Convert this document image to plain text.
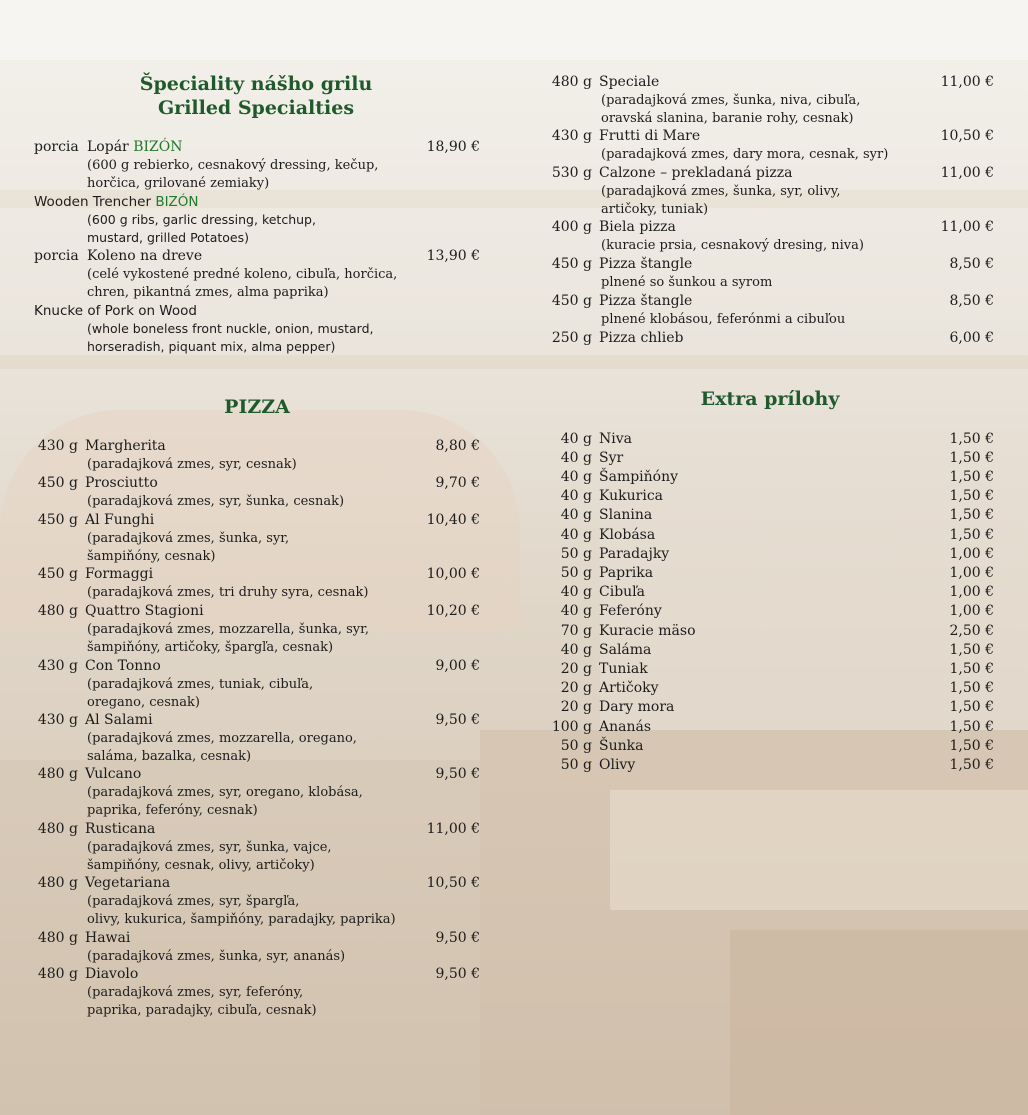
Špeciality nášho grilu
Grilled Specialties
porcia Lopár BIZÓN	18,90 €
(600 g rebierko, cesnakový dressing, kečup,
horčica, grilované zemiaky)
Wooden Trencher BIZÓN
(600 g ribs, garlic dressing, ketchup,
mustard, grilled Potatoes)
porcia Koleno na dreve	13,90 €
(celé vykostené predné koleno, cibuľa, horčica,
chren, pikantná zmes, alma paprika)
Knucke of Pork on Wood
(whole boneless front nuckle, onion, mustard,
horseradish, piquant mix, alma pepper)
PIZZA
430 g Margherita	8,80 €
(paradajková zmes, syr, cesnak)
450 g Prosciutto	9,70 €
(paradajková zmes, syr, šunka, cesnak)
450 g Al Funghi	10,40 €
(paradajková zmes, šunka, syr,
šampiňóny, cesnak)
450 g Formaggi	10,00 €
(paradajková zmes, tri druhy syra, cesnak)
480 g Quattro Stagioni	10,20 €
(paradajková zmes, mozzarella, šunka, syr,
šampiňóny, artičoky, špargľa, cesnak)
430 g Con Tonno	9,00 €
(paradajková zmes, tuniak, cibuľa,
oregano, cesnak)
430 g Al Salami	9,50 €
(paradajková zmes, mozzarella, oregano,
saláma, bazalka, cesnak)
480 g Vulcano	9,50 €
(paradajková zmes, syr, oregano, klobása,
paprika, feferóny, cesnak)
480 g Rusticana	11,00 €
(paradajková zmes, syr, šunka, vajce,
šampiňóny, cesnak, olivy, artičoky)
480 g Vegetariana	10,50 €
(paradajková zmes, syr, špargľa,
olivy, kukurica, šampiňóny, paradajky, paprika)
480 g Hawai	9,50 €
(paradajková zmes, šunka, syr, ananás)
480 g Diavolo	9,50 €
(paradajková zmes, syr, feferóny,
paprika, paradajky, cibuľa, cesnak)
480 g Speciale	11,00 €
(paradajková zmes, šunka, niva, cibuľa,
oravská slanina, baranie rohy, cesnak)
430 g Frutti di Mare	10,50 €
(paradajková zmes, dary mora, cesnak, syr)
530 g Calzone – prekladaná pizza	11,00 €
(paradajková zmes, šunka, syr, olivy,
artičoky, tuniak)
400 g Biela pizza	11,00 €
(kuracie prsia, cesnakový dresing, niva)
450 g Pizza štangle	8,50 €
plnené so šunkou a syrom
450 g Pizza štangle	8,50 €
plnené klobásou, feferónmi a cibuľou
250 g Pizza chlieb	6,00 €
Extra prílohy
40 g Niva	1,50 €
40 g Syr	1,50 €
40 g Šampiňóny	1,50 €
40 g Kukurica	1,50 €
40 g Slanina	1,50 €
40 g Klobása	1,50 €
50 g Paradajky	1,00 €
50 g Paprika	1,00 €
40 g Cibuľa	1,00 €
40 g Feferóny	1,00 €
70 g Kuracie mäso	2,50 €
40 g Saláma	1,50 €
20 g Tuniak	1,50 €
20 g Artičoky	1,50 €
20 g Dary mora	1,50 €
100 g Ananás	1,50 €
50 g Šunka	1,50 €
50 g Olivy	1,50 €
